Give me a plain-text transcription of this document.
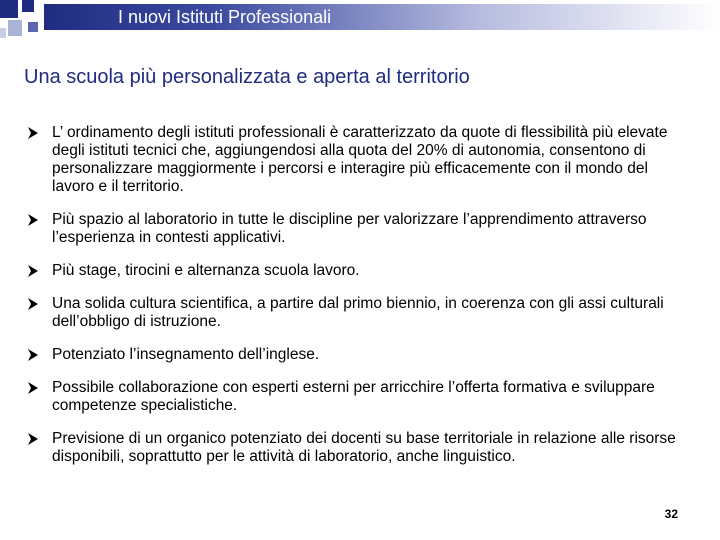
I nuovi Istituti Professionali
Una scuola più personalizzata e aperta al territorio
L’ ordinamento degli istituti professionali è caratterizzato da quote di flessibilità più elevate degli istituti tecnici che, aggiungendosi alla quota del 20% di autonomia, consentono di personalizzare maggiormente i percorsi e interagire più efficacemente con il mondo del lavoro e il territorio.
Più spazio al laboratorio in tutte le discipline per valorizzare l’apprendimento attraverso l’esperienza in contesti applicativi.
Più stage, tirocini e alternanza scuola lavoro.
Una solida cultura scientifica, a partire dal primo biennio, in coerenza con gli assi culturali dell’obbligo di istruzione.
Potenziato l’insegnamento dell’inglese.
Possibile collaborazione con esperti esterni per arricchire l’offerta formativa e sviluppare competenze specialistiche.
Previsione di un organico potenziato dei docenti su base territoriale in relazione alle risorse disponibili, soprattutto per le attività di laboratorio, anche linguistico.
32
